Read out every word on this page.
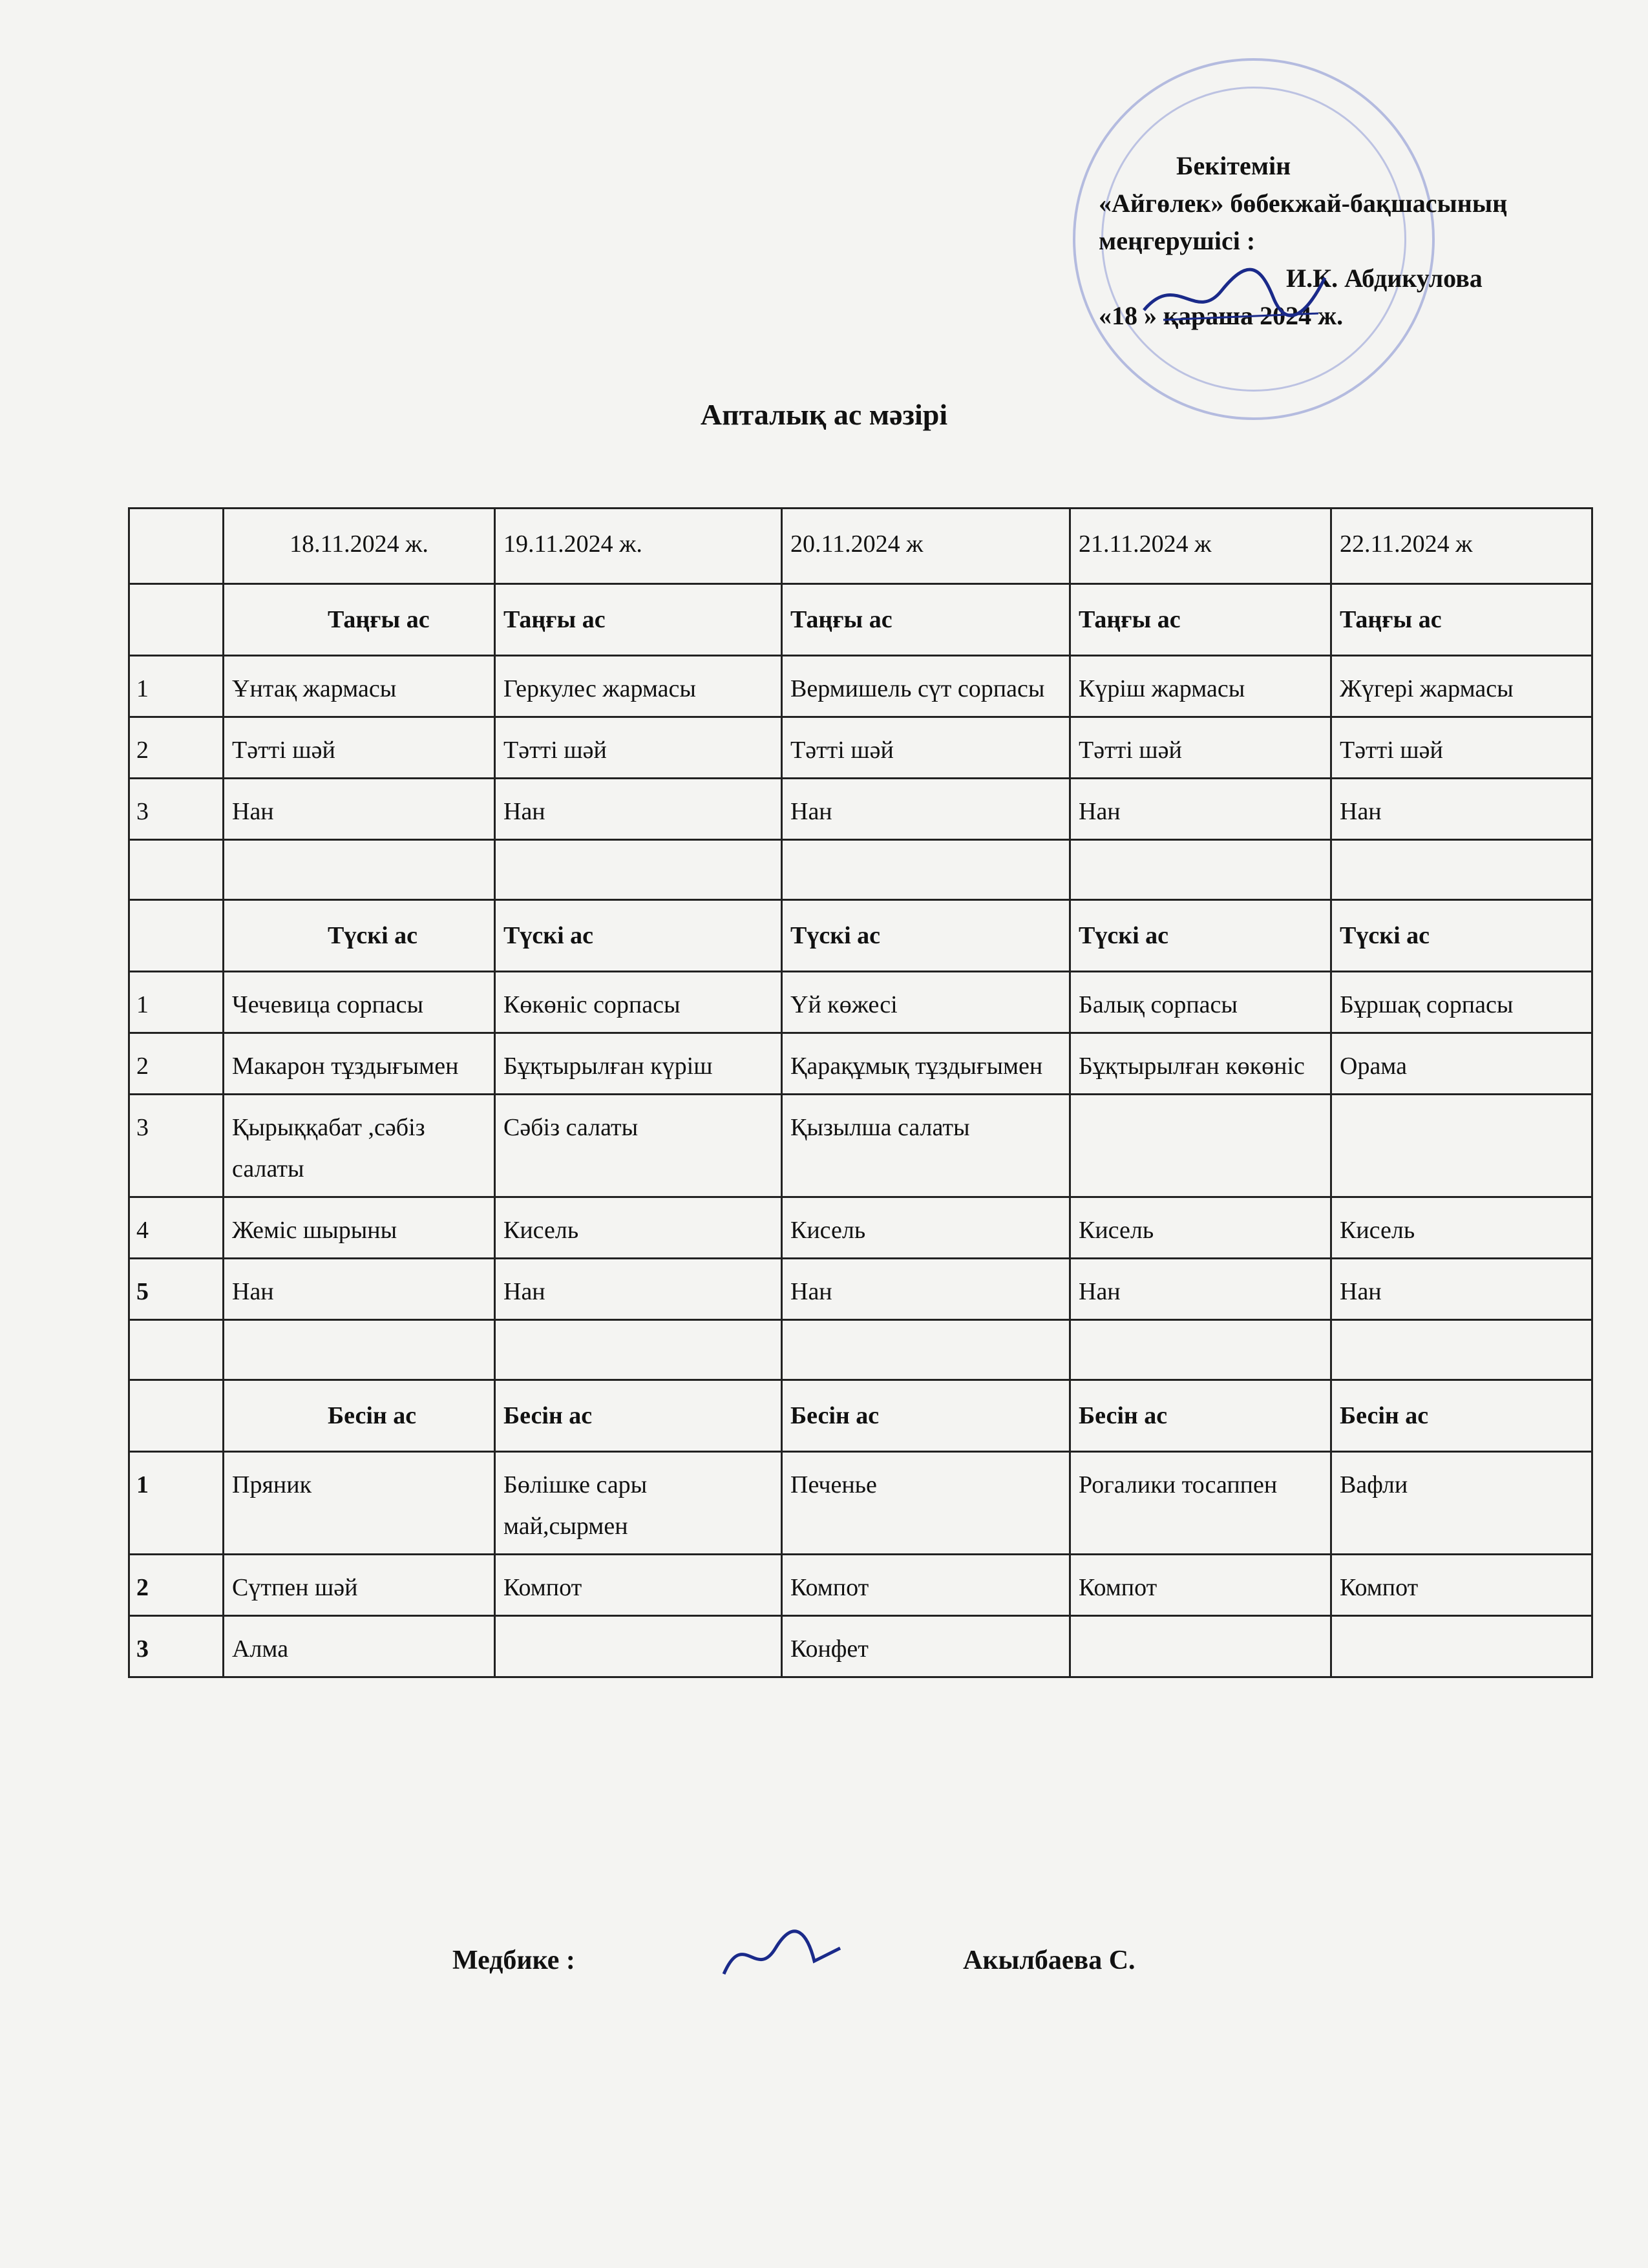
Бекітемін
«Айгөлек» бөбекжай-бақшасының
меңгерушісі :
И.К. Абдикулова
«18 » қараша 2024 ж.
Апталық ас мәзірі
	18.11.2024 ж.	19.11.2024 ж.	20.11.2024 ж	21.11.2024 ж	22.11.2024 ж
	Таңғы ас	Таңғы ас	Таңғы ас	Таңғы ас	Таңғы ас
1	Ұнтақ жармасы	Геркулес жармасы	Вермишель сүт сорпасы	Күріш жармасы	Жүгері жармасы
2	Тәтті шәй	Тәтті шәй	Тәтті шәй	Тәтті шәй	Тәтті шәй
3	Нан	Нан	Нан	Нан	Нан

	Түскі ас	Түскі ас	Түскі ас	Түскі ас	Түскі ас
1	Чечевица сорпасы	Көкөніс сорпасы	Үй көжесі	Балық сорпасы	Бұршақ сорпасы
2	Макарон тұздығымен	Бұқтырылған күріш	Қарақұмық тұздығымен	Бұқтырылған көкөніс	Орама
3	Қырыққабат ,сәбіз салаты	Сәбіз салаты	Қызылша салаты		
4	Жеміс шырыны	Кисель	Кисель	Кисель	Кисель
5	Нан	Нан	Нан	Нан	Нан

	Бесін ас	Бесін ас	Бесін ас	Бесін ас	Бесін ас
1	Пряник	Бөлішке сары май,сырмен	Печенье	Рогалики тосаппен	Вафли
2	Сүтпен шәй	Компот	Компот	Компот	Компот
3	Алма		Конфет		
Медбике :	Акылбаева С.
